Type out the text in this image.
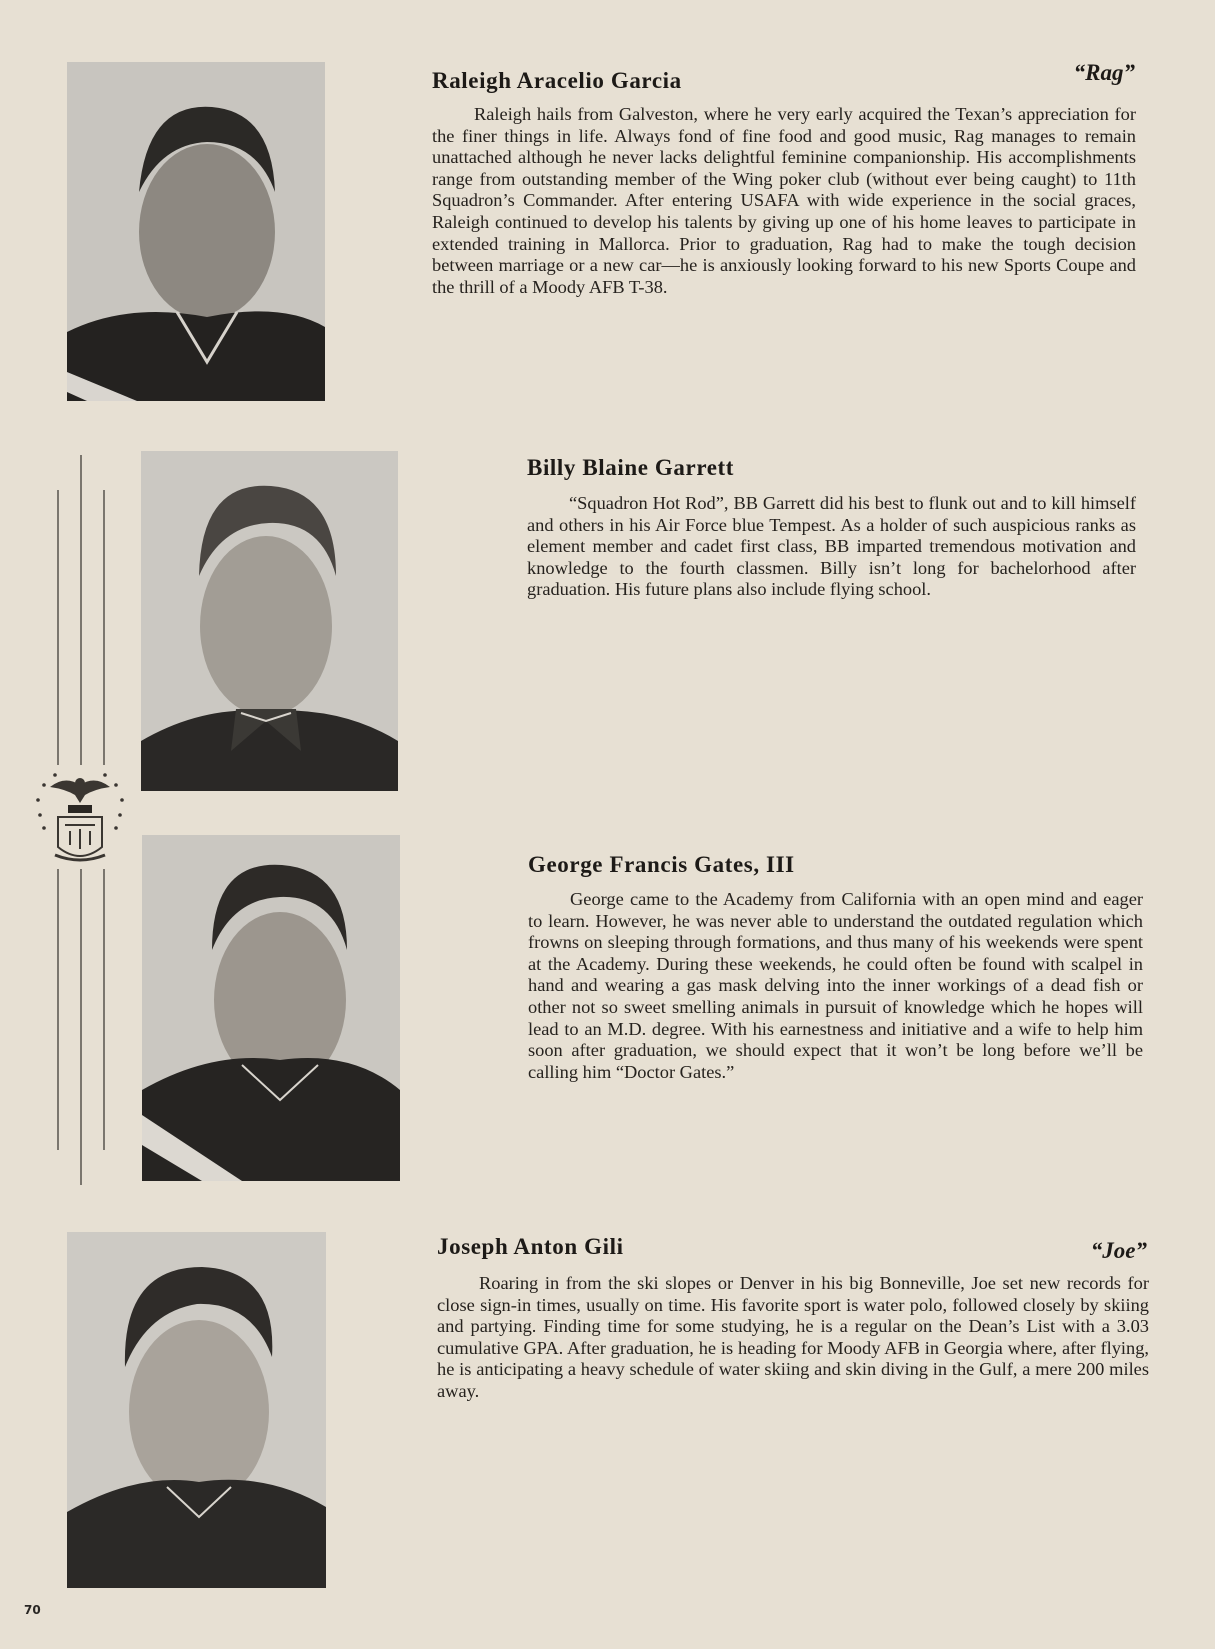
Raleigh Aracelio Garcia	“Rag”

Raleigh hails from Galveston, where he very early acquired the Texan’s appreciation for the finer things in life. Always fond of fine food and good music, Rag manages to remain unattached although he never lacks delightful feminine companionship. His accomplishments range from outstanding member of the Wing poker club (without ever being caught) to 11th Squadron’s Commander. After entering USAFA with wide experience in the social graces, Raleigh continued to develop his talents by giving up one of his home leaves to participate in extended training in Mallorca. Prior to graduation, Rag had to make the tough decision between marriage or a new car—he is anxiously looking forward to his new Sports Coupe and the thrill of a Moody AFB T-38.

Billy Blaine Garrett

“Squadron Hot Rod”, BB Garrett did his best to flunk out and to kill himself and others in his Air Force blue Tempest. As a holder of such auspicious ranks as element member and cadet first class, BB imparted tremendous motivation and knowledge to the fourth classmen. Billy isn’t long for bachelorhood after graduation. His future plans also include flying school.

George Francis Gates, III

George came to the Academy from California with an open mind and eager to learn. However, he was never able to understand the outdated regulation which frowns on sleeping through formations, and thus many of his weekends were spent at the Academy. During these weekends, he could often be found with scalpel in hand and wearing a gas mask delving into the inner workings of a dead fish or other not so sweet smelling animals in pursuit of knowledge which he hopes will lead to an M.D. degree. With his earnestness and initiative and a wife to help him soon after graduation, we should expect that it won’t be long before we’ll be calling him “Doctor Gates.”

Joseph Anton Gili	“Joe”

Roaring in from the ski slopes or Denver in his big Bonneville, Joe set new records for close sign-in times, usually on time. His favorite sport is water polo, followed closely by skiing and partying. Finding time for some studying, he is a regular on the Dean’s List with a 3.03 cumulative GPA. After graduation, he is heading for Moody AFB in Georgia where, after flying, he is anticipating a heavy schedule of water skiing and skin diving in the Gulf, a mere 200 miles away.

70
